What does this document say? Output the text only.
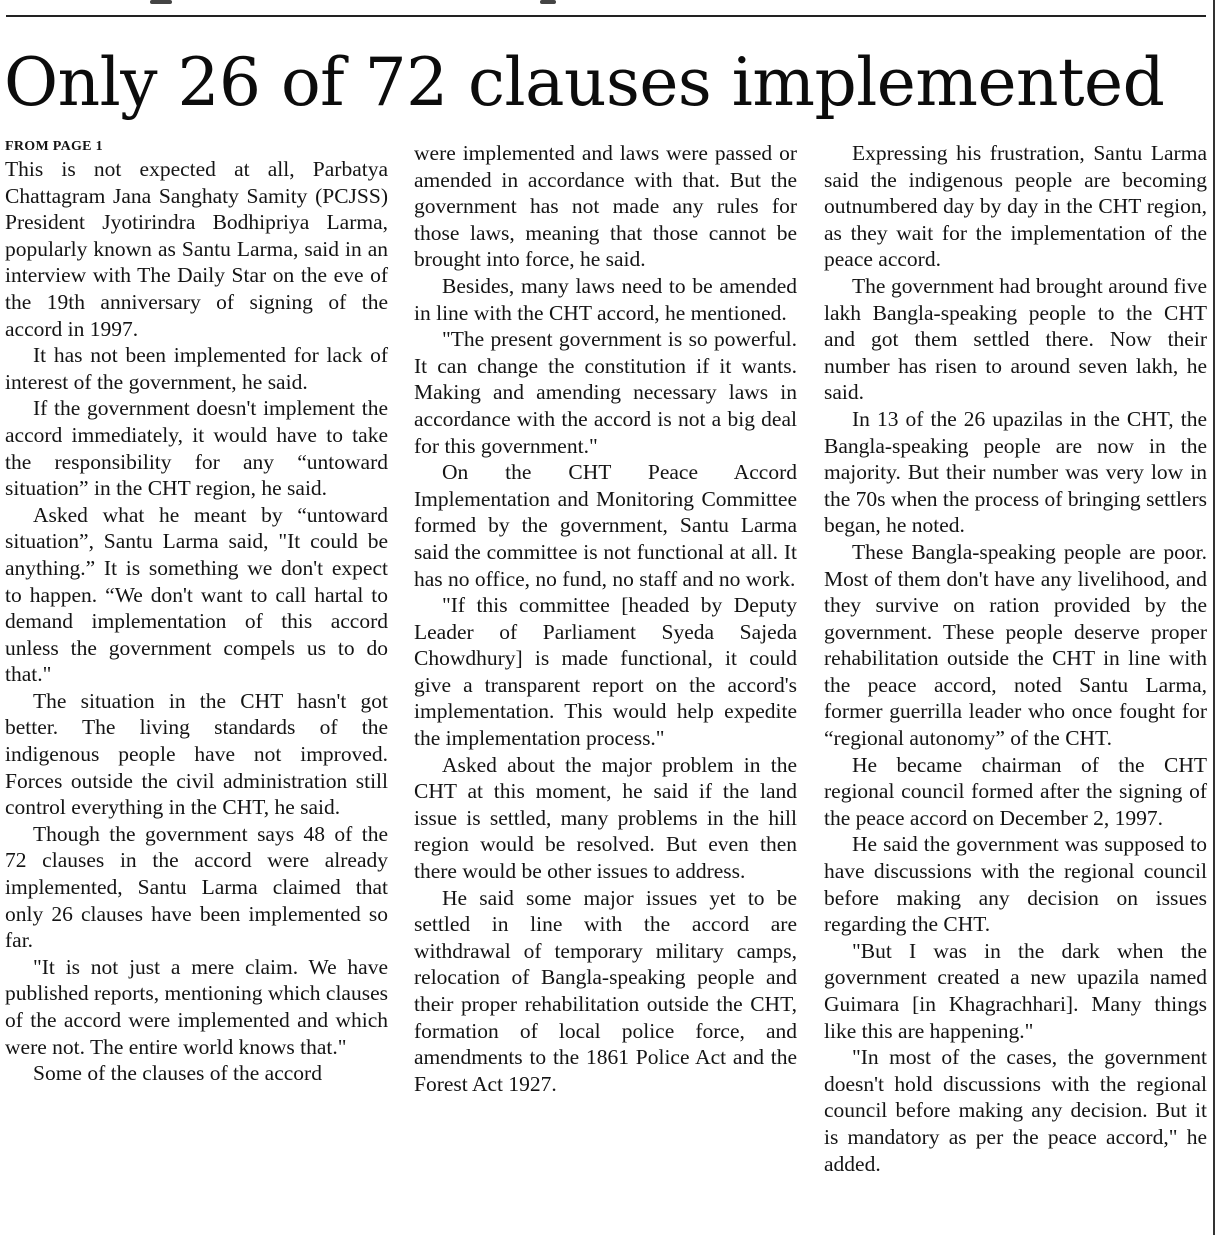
Only 26 of 72 clauses implemented
FROM PAGE 1

This is not expected at all, Parbatya Chattagram Jana Sanghaty Samity (PCJSS) President Jyotirindra Bodhipriya Larma, popularly known as Santu Larma, said in an interview with The Daily Star on the eve of the 19th anniversary of signing of the accord in 1997.

It has not been implemented for lack of interest of the government, he said.

If the government doesn't implement the accord immediately, it would have to take the responsibility for any “untoward situation” in the CHT region, he said.

Asked what he meant by “untoward situation”, Santu Larma said, "It could be anything.” It is something we don't expect to happen. “We don't want to call hartal to demand implementation of this accord unless the government compels us to do that."

The situation in the CHT hasn't got better. The living standards of the indigenous people have not improved. Forces outside the civil administration still control everything in the CHT, he said.

Though the government says 48 of the 72 clauses in the accord were already implemented, Santu Larma claimed that only 26 clauses have been implemented so far.

"It is not just a mere claim. We have published reports, mentioning which clauses of the accord were implemented and which were not. The entire world knows that."

Some of the clauses of the accord

were implemented and laws were passed or amended in accordance with that. But the government has not made any rules for those laws, meaning that those cannot be brought into force, he said.

Besides, many laws need to be amended in line with the CHT accord, he mentioned.

"The present government is so powerful. It can change the constitution if it wants. Making and amending necessary laws in accordance with the accord is not a big deal for this government."

On the CHT Peace Accord Implementation and Monitoring Committee formed by the government, Santu Larma said the committee is not functional at all. It has no office, no fund, no staff and no work.

"If this committee [headed by Deputy Leader of Parliament Syeda Sajeda Chowdhury] is made functional, it could give a transparent report on the accord's implementation. This would help expedite the implementation process."

Asked about the major problem in the CHT at this moment, he said if the land issue is settled, many problems in the hill region would be resolved. But even then there would be other issues to address.

He said some major issues yet to be settled in line with the accord are withdrawal of temporary military camps, relocation of Bangla-speaking people and their proper rehabilitation outside the CHT, formation of local police force, and amendments to the 1861 Police Act and the Forest Act 1927.

Expressing his frustration, Santu Larma said the indigenous people are becoming outnumbered day by day in the CHT region, as they wait for the implementation of the peace accord.

The government had brought around five lakh Bangla-speaking people to the CHT and got them settled there. Now their number has risen to around seven lakh, he said.

In 13 of the 26 upazilas in the CHT, the Bangla-speaking people are now in the majority. But their number was very low in the 70s when the process of bringing settlers began, he noted.

These Bangla-speaking people are poor. Most of them don't have any livelihood, and they survive on ration provided by the government. These people deserve proper rehabilitation outside the CHT in line with the peace accord, noted Santu Larma, former guerrilla leader who once fought for “regional autonomy” of the CHT.

He became chairman of the CHT regional council formed after the signing of the peace accord on December 2, 1997.

He said the government was supposed to have discussions with the regional council before making any decision on issues regarding the CHT.

"But I was in the dark when the government created a new upazila named Guimara [in Khagrachhari]. Many things like this are happening."

"In most of the cases, the government doesn't hold discussions with the regional council before making any decision. But it is mandatory as per the peace accord," he added.
